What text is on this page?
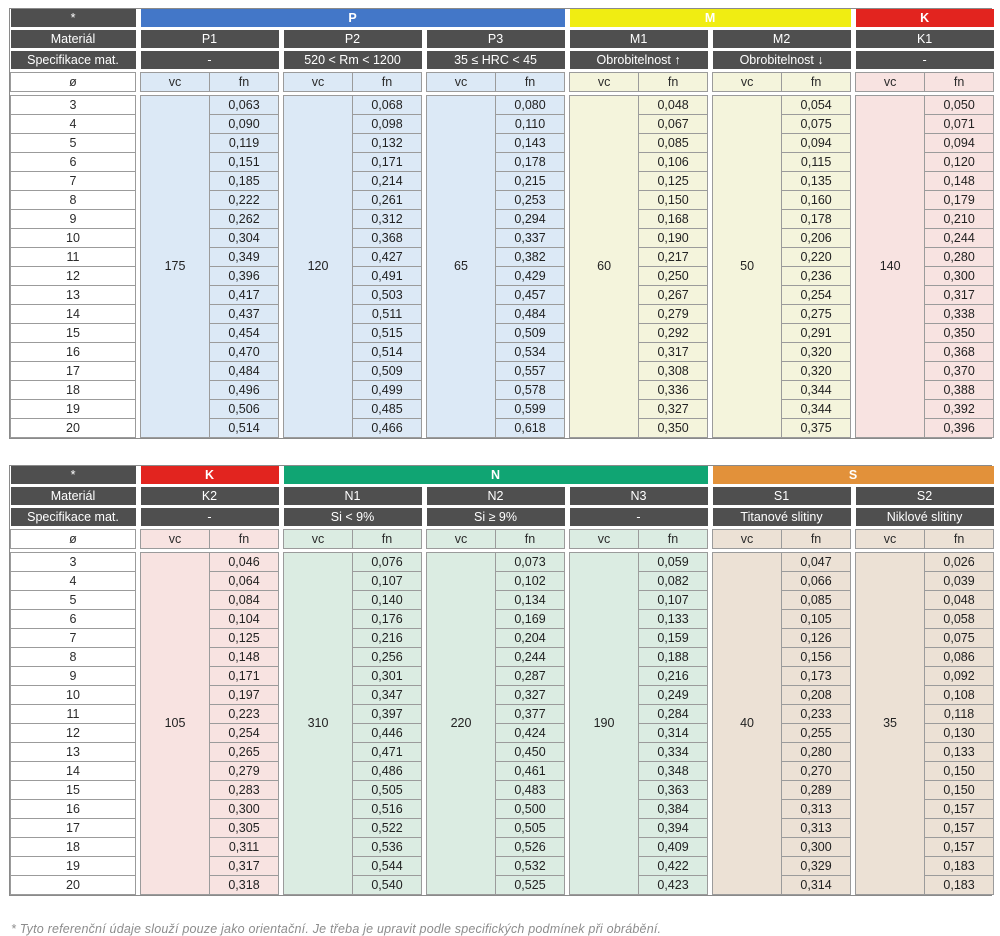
*		P									M						K	

Materiál		P1			P2			P3			M1			M2			K1	

Specifikace mat.		-			520 < Rm < 1200			35 ≤ HRC < 45			Obrobitelnost ↑			Obrobitelnost ↓			-	

ø		vc	fn		vc	fn		vc	fn		vc	fn		vc	fn		vc	fn

3		175	0,063		120	0,068		65	0,080		60	0,048		50	0,054		140	0,050
4			0,090			0,098			0,110			0,067			0,075			0,071
5			0,119			0,132			0,143			0,085			0,094			0,094
6			0,151			0,171			0,178			0,106			0,115			0,120
7			0,185			0,214			0,215			0,125			0,135			0,148
8			0,222			0,261			0,253			0,150			0,160			0,179
9			0,262			0,312			0,294			0,168			0,178			0,210
10			0,304			0,368			0,337			0,190			0,206			0,244
11			0,349			0,427			0,382			0,217			0,220			0,280
12			0,396			0,491			0,429			0,250			0,236			0,300
13			0,417			0,503			0,457			0,267			0,254			0,317
14			0,437			0,511			0,484			0,279			0,275			0,338
15			0,454			0,515			0,509			0,292			0,291			0,350
16			0,470			0,514			0,534			0,317			0,320			0,368
17			0,484			0,509			0,557			0,308			0,320			0,370
18			0,496			0,499			0,578			0,336			0,344			0,388
19			0,506			0,485			0,599			0,327			0,344			0,392
20			0,514			0,466			0,618			0,350			0,375			0,396
*		K			N									S				

Materiál		K2			N1			N2			N3			S1			S2	

Specifikace mat.		-			Si < 9%			Si ≥ 9%			-			Titanové slitiny			Niklové slitiny	

ø		vc	fn		vc	fn		vc	fn		vc	fn		vc	fn		vc	fn

3		105	0,046		310	0,076		220	0,073		190	0,059		40	0,047		35	0,026
4			0,064			0,107			0,102			0,082			0,066			0,039
5			0,084			0,140			0,134			0,107			0,085			0,048
6			0,104			0,176			0,169			0,133			0,105			0,058
7			0,125			0,216			0,204			0,159			0,126			0,075
8			0,148			0,256			0,244			0,188			0,156			0,086
9			0,171			0,301			0,287			0,216			0,173			0,092
10			0,197			0,347			0,327			0,249			0,208			0,108
11			0,223			0,397			0,377			0,284			0,233			0,118
12			0,254			0,446			0,424			0,314			0,255			0,130
13			0,265			0,471			0,450			0,334			0,280			0,133
14			0,279			0,486			0,461			0,348			0,270			0,150
15			0,283			0,505			0,483			0,363			0,289			0,150
16			0,300			0,516			0,500			0,384			0,313			0,157
17			0,305			0,522			0,505			0,394			0,313			0,157
18			0,311			0,536			0,526			0,409			0,300			0,157
19			0,317			0,544			0,532			0,422			0,329			0,183
20			0,318			0,540			0,525			0,423			0,314			0,183

* Tyto referenční údaje slouží pouze jako orientační. Je třeba je upravit podle specifických podmínek při obrábění.
